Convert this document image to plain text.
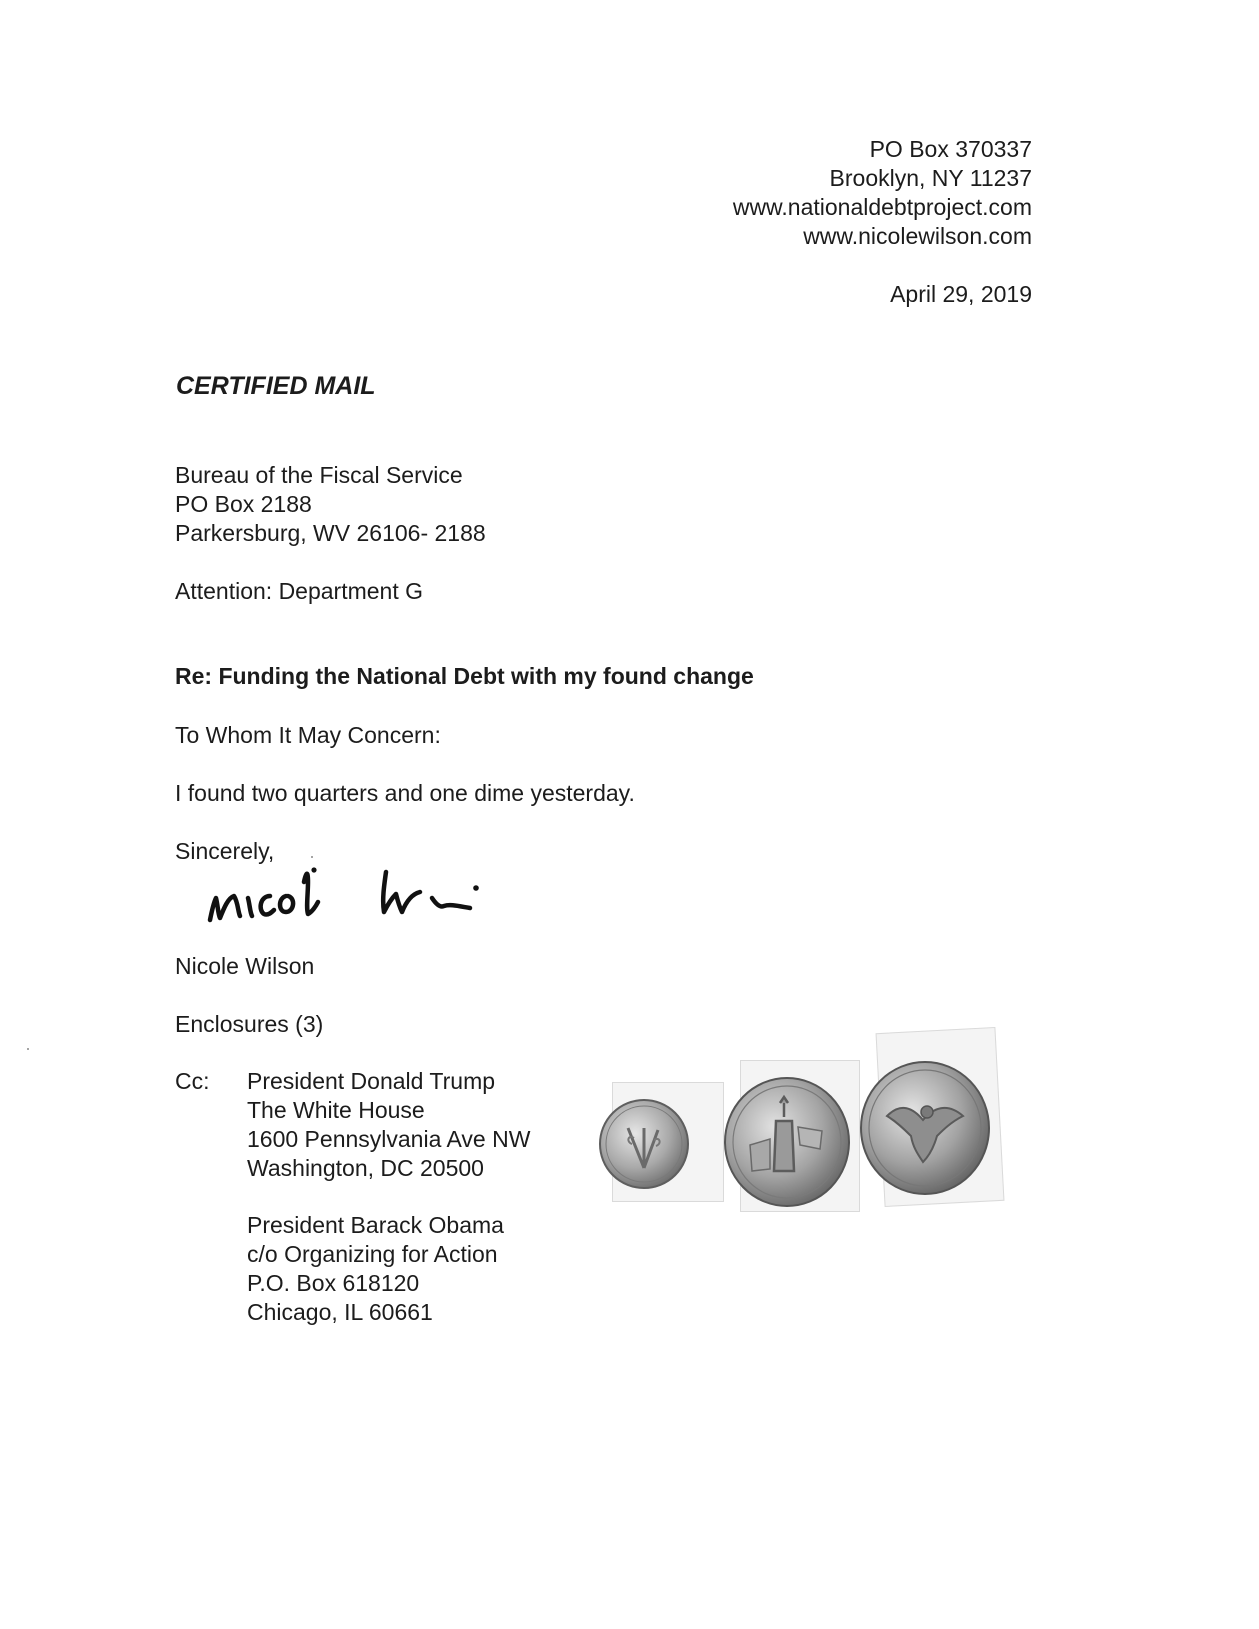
PO Box 370337
Brooklyn, NY 11237
www.nationaldebtproject.com
www.nicolewilson.com
April 29, 2019
CERTIFIED MAIL
Bureau of the Fiscal Service
PO Box 2188
Parkersburg, WV 26106- 2188
Attention: Department G
Re: Funding the National Debt with my found change
To Whom It May Concern:
I found two quarters and one dime yesterday.
Sincerely,
Nicole Wilson
Enclosures (3)
Cc: President Donald Trump
The White House
1600 Pennsylvania Ave NW
Washington, DC 20500
President Barack Obama
c/o Organizing for Action
P.O. Box 618120
Chicago, IL 60661
